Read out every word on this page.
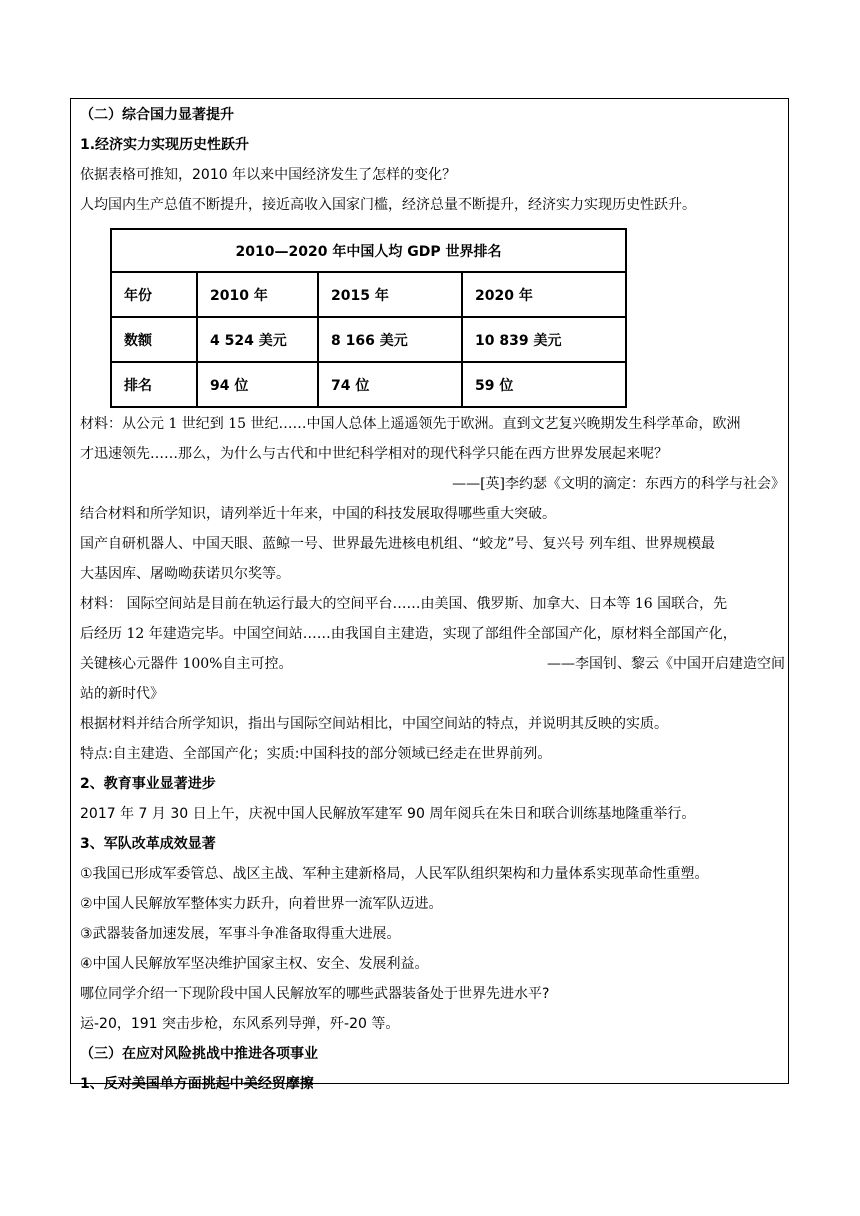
（二）综合国力显著提升
1.经济实力实现历史性跃升
依据表格可推知，2010 年以来中国经济发生了怎样的变化？
人均国内生产总值不断提升，接近高收入国家门槛，经济总量不断提升，经济实力实现历史性跃升。
2010—2020 年中国人均 GDP 世界排名			
年份	2010 年	2015 年	2020 年
数额	4 524 美元	8 166 美元	10 839 美元
排名	94 位	74 位	59 位
材料：从公元 1 世纪到 15 世纪……中国人总体上遥遥领先于欧洲。直到文艺复兴晚期发生科学革命，欧洲
才迅速领先……那么，为什么与古代和中世纪科学相对的现代科学只能在西方世界发展起来呢？
——[英]李约瑟《文明的滴定：东西方的科学与社会》
结合材料和所学知识，请列举近十年来，中国的科技发展取得哪些重大突破。
国产自研机器人、中国天眼、蓝鲸一号、世界最先进核电机组、“蛟龙”号、复兴号 列车组、世界规模最
大基因库、屠呦呦获诺贝尔奖等。
材料： 国际空间站是目前在轨运行最大的空间平台……由美国、俄罗斯、加拿大、日本等 16 国联合，先
后经历 12 年建造完毕。中国空间站……由我国自主建造，实现了部组件全部国产化，原材料全部国产化，
关键核心元器件 100%自主可控。	——李国钊、黎云《中国开启建造空间
站的新时代》
根据材料并结合所学知识，指出与国际空间站相比，中国空间站的特点，并说明其反映的实质。
特点:自主建造、全部国产化；实质:中国科技的部分领域已经走在世界前列。
2、教育事业显著进步
2017 年 7 月 30 日上午，庆祝中国人民解放军建军 90 周年阅兵在朱日和联合训练基地隆重举行。
3、军队改革成效显著
①我国已形成军委管总、战区主战、军种主建新格局，人民军队组织架构和力量体系实现革命性重塑。
②中国人民解放军整体实力跃升，向着世界一流军队迈进。
③武器装备加速发展，军事斗争准备取得重大进展。
④中国人民解放军坚决维护国家主权、安全、发展利益。
哪位同学介绍一下现阶段中国人民解放军的哪些武器装备处于世界先进水平?
运-20，191 突击步枪，东风系列导弹，歼-20 等。
（三）在应对风险挑战中推进各项事业
1、反对美国单方面挑起中美经贸摩擦
